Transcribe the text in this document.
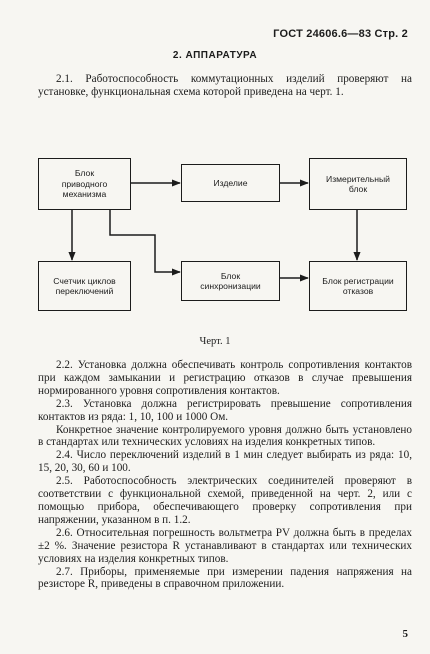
ГОСТ 24606.6—83 Стр. 2
2. АППАРАТУРА

2.1. Работоспособность коммутационных изделий проверяют на установке, функциональная схема которой приведена на черт. 1.

Блок приводного механизма
Изделие	Измерительный блок
Счетчик циклов переключений
Блок синхронизации
Блок регистрации отказов
Черт. 1

2.2. Установка должна обеспечивать контроль сопротивления контактов при каждом замыкании и регистрацию отказов в случае превышения нормированного уровня сопротивления контактов.

2.3. Установка должна регистрировать превышение сопротивления контактов из ряда: 1, 10, 100 и 1000 Ом.

Конкретное значение контролируемого уровня должно быть установлено в стандартах или технических условиях на изделия конкретных типов.

2.4. Число переключений изделий в 1 мин следует выбирать из ряда: 10, 15, 20, 30, 60 и 100.

2.5. Работоспособность электрических соединителей проверяют в соответствии с функциональной схемой, приведенной на черт. 2, или с помощью прибора, обеспечивающего проверку сопротивления при напряжении, указанном в п. 1.2.

2.6. Относительная погрешность вольтметра PV должна быть в пределах ±2 %. Значение резистора R устанавливают в стандартах или технических условиях на изделия конкретных типов.

2.7. Приборы, применяемые при измерении падения напряжения на резисторе R, приведены в справочном приложении.

5
